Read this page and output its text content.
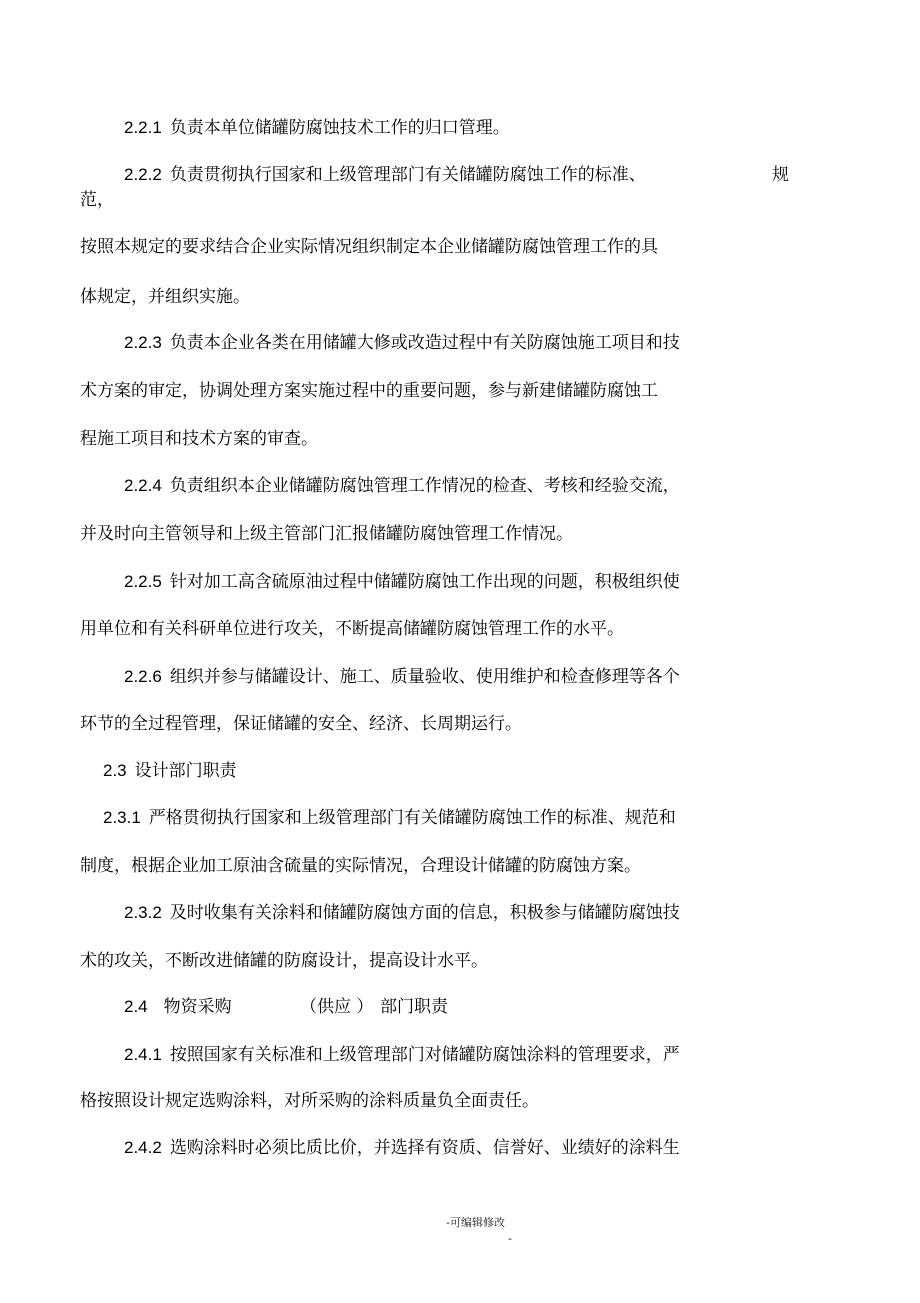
2.2.1 负责本单位储罐防腐蚀技术工作的归口管理。
2.2.2 负责贯彻执行国家和上级管理部门有关储罐防腐蚀工作的标准、	规
范，
按照本规定的要求结合企业实际情况组织制定本企业储罐防腐蚀管理工作的具
体规定，并组织实施。
2.2.3 负责本企业各类在用储罐大修或改造过程中有关防腐蚀施工项目和技
术方案的审定，协调处理方案实施过程中的重要问题，参与新建储罐防腐蚀工
程施工项目和技术方案的审查。
2.2.4 负责组织本企业储罐防腐蚀管理工作情况的检查、考核和经验交流，
并及时向主管领导和上级主管部门汇报储罐防腐蚀管理工作情况。
2.2.5 针对加工高含硫原油过程中储罐防腐蚀工作出现的问题，积极组织使
用单位和有关科研单位进行攻关，不断提高储罐防腐蚀管理工作的水平。
2.2.6 组织并参与储罐设计、施工、质量验收、使用维护和检查修理等各个
环节的全过程管理，保证储罐的安全、经济、长周期运行。
2.3 设计部门职责
2.3.1 严格贯彻执行国家和上级管理部门有关储罐防腐蚀工作的标准、规范和
制度，根据企业加工原油含硫量的实际情况，合理设计储罐的防腐蚀方案。
2.3.2 及时收集有关涂料和储罐防腐蚀方面的信息，积极参与储罐防腐蚀技
术的攻关，不断改进储罐的防腐设计，提高设计水平。
2.4 物资采购	（供应 ） 部门职责
2.4.1 按照国家有关标准和上级管理部门对储罐防腐蚀涂料的管理要求，严
格按照设计规定选购涂料，对所采购的涂料质量负全面责任。
2.4.2 选购涂料时必须比质比价，并选择有资质、信誉好、业绩好的涂料生
-可编辑修改
-
